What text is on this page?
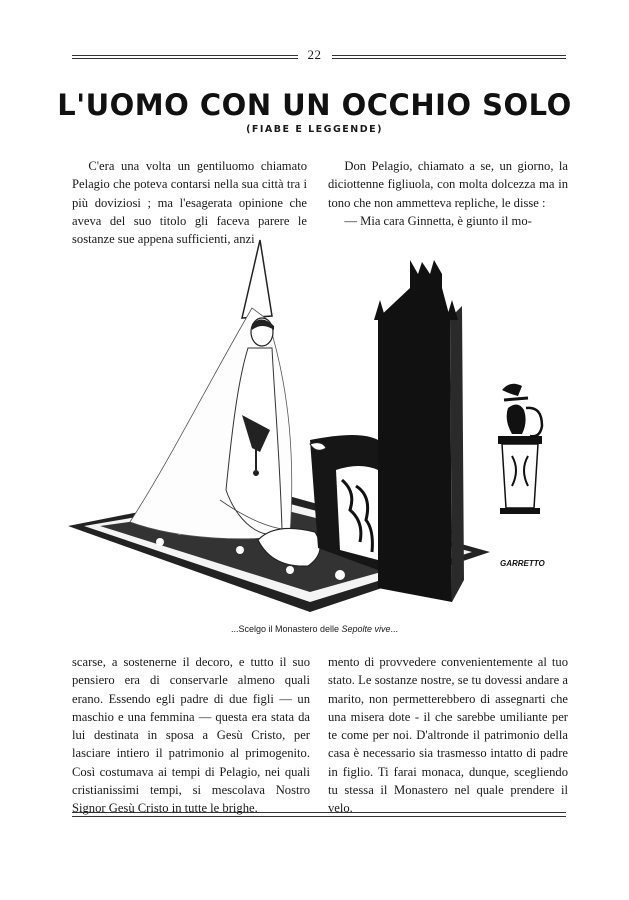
22
L'UOMO CON UN OCCHIO SOLO
(FIABE E LEGGENDE)

C'era una volta un gentiluomo chiamato Pelagio che poteva contarsi nella sua città tra i più doviziosi ; ma l'esagerata opinione che aveva del suo titolo gli faceva parere le sostanze sue appena sufficienti, anzi

Don Pelagio, chiamato a se, un giorno, la diciottenne figliuola, con molta dolcezza ma in tono che non ammetteva repliche, le disse :

— Mia cara Ginnetta, è giunto il mo-

GARRETTO
...Scelgo il Monastero delle Sepolte vive...

scarse, a sostenerne il decoro, e tutto il suo pensiero era di conservarle almeno quali erano. Essendo egli padre di due figli — un maschio e una femmina — questa era stata da lui destinata in sposa a Gesù Cristo, per lasciare intiero il patrimonio al primogenito. Così costumava ai tempi di Pelagio, nei quali cristianissimi tempi, si mescolava Nostro Signor Gesù Cristo in tutte le brighe.

mento di provvedere convenientemente al tuo stato. Le sostanze nostre, se tu dovessi andare a marito, non permetterebbero di assegnarti che una misera dote - il che sarebbe umiliante per te come per noi. D'altronde il patrimonio della casa è necessario sia trasmesso intatto di padre in figlio. Ti farai monaca, dunque, scegliendo tu stessa il Monastero nel quale prendere il velo.
